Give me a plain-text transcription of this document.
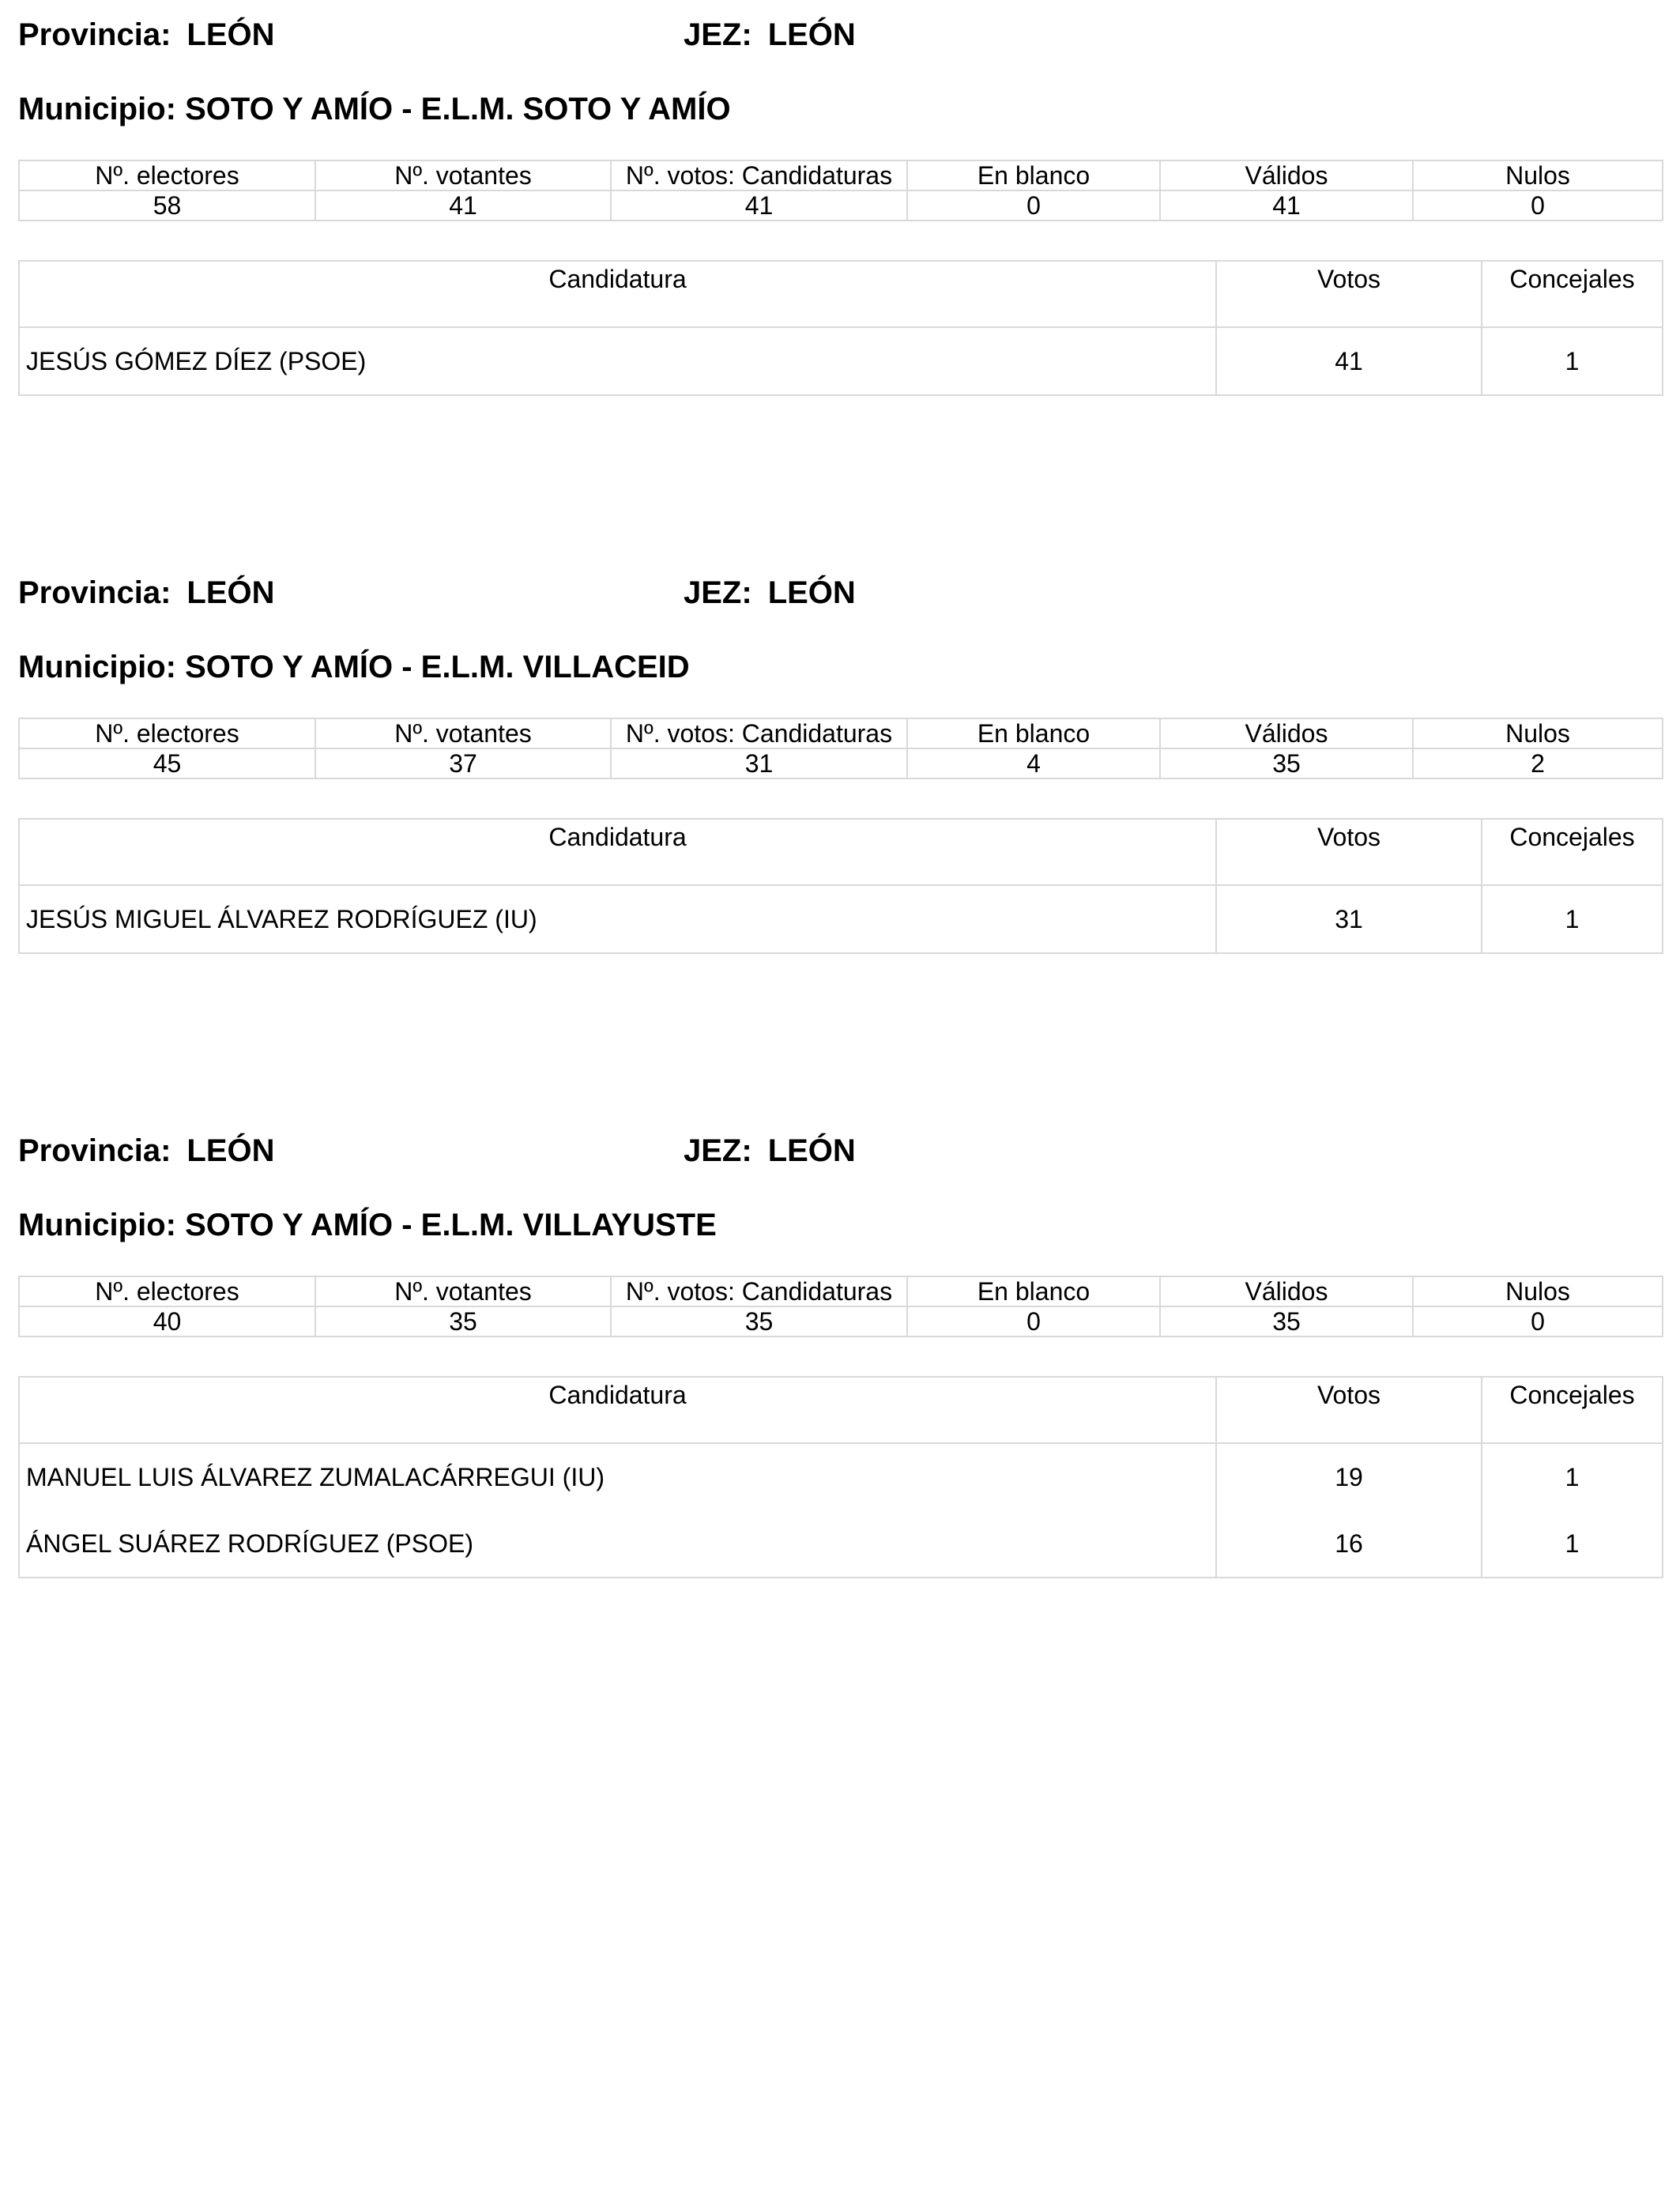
Provincia: LEÓN	JEZ: LEÓN
Municipio: SOTO Y AMÍO - E.L.M. SOTO Y AMÍO
Nº. electores	Nº. votantes	Nº. votos: Candidaturas	En blanco	Válidos	Nulos
58	41	41	0	41	0
Candidatura	Votos	Concejales
JESÚS GÓMEZ DÍEZ (PSOE)	41	1
Provincia: LEÓN	JEZ: LEÓN
Municipio: SOTO Y AMÍO - E.L.M. VILLACEID
Nº. electores	Nº. votantes	Nº. votos: Candidaturas	En blanco	Válidos	Nulos
45	37	31	4	35	2
Candidatura	Votos	Concejales
JESÚS MIGUEL ÁLVAREZ RODRÍGUEZ (IU)	31	1
Provincia: LEÓN	JEZ: LEÓN
Municipio: SOTO Y AMÍO - E.L.M. VILLAYUSTE
Nº. electores	Nº. votantes	Nº. votos: Candidaturas	En blanco	Válidos	Nulos
40	35	35	0	35	0
Candidatura	Votos	Concejales
MANUEL LUIS ÁLVAREZ ZUMALACÁRREGUI (IU)	19	1
ÁNGEL SUÁREZ RODRÍGUEZ (PSOE)	16	1
